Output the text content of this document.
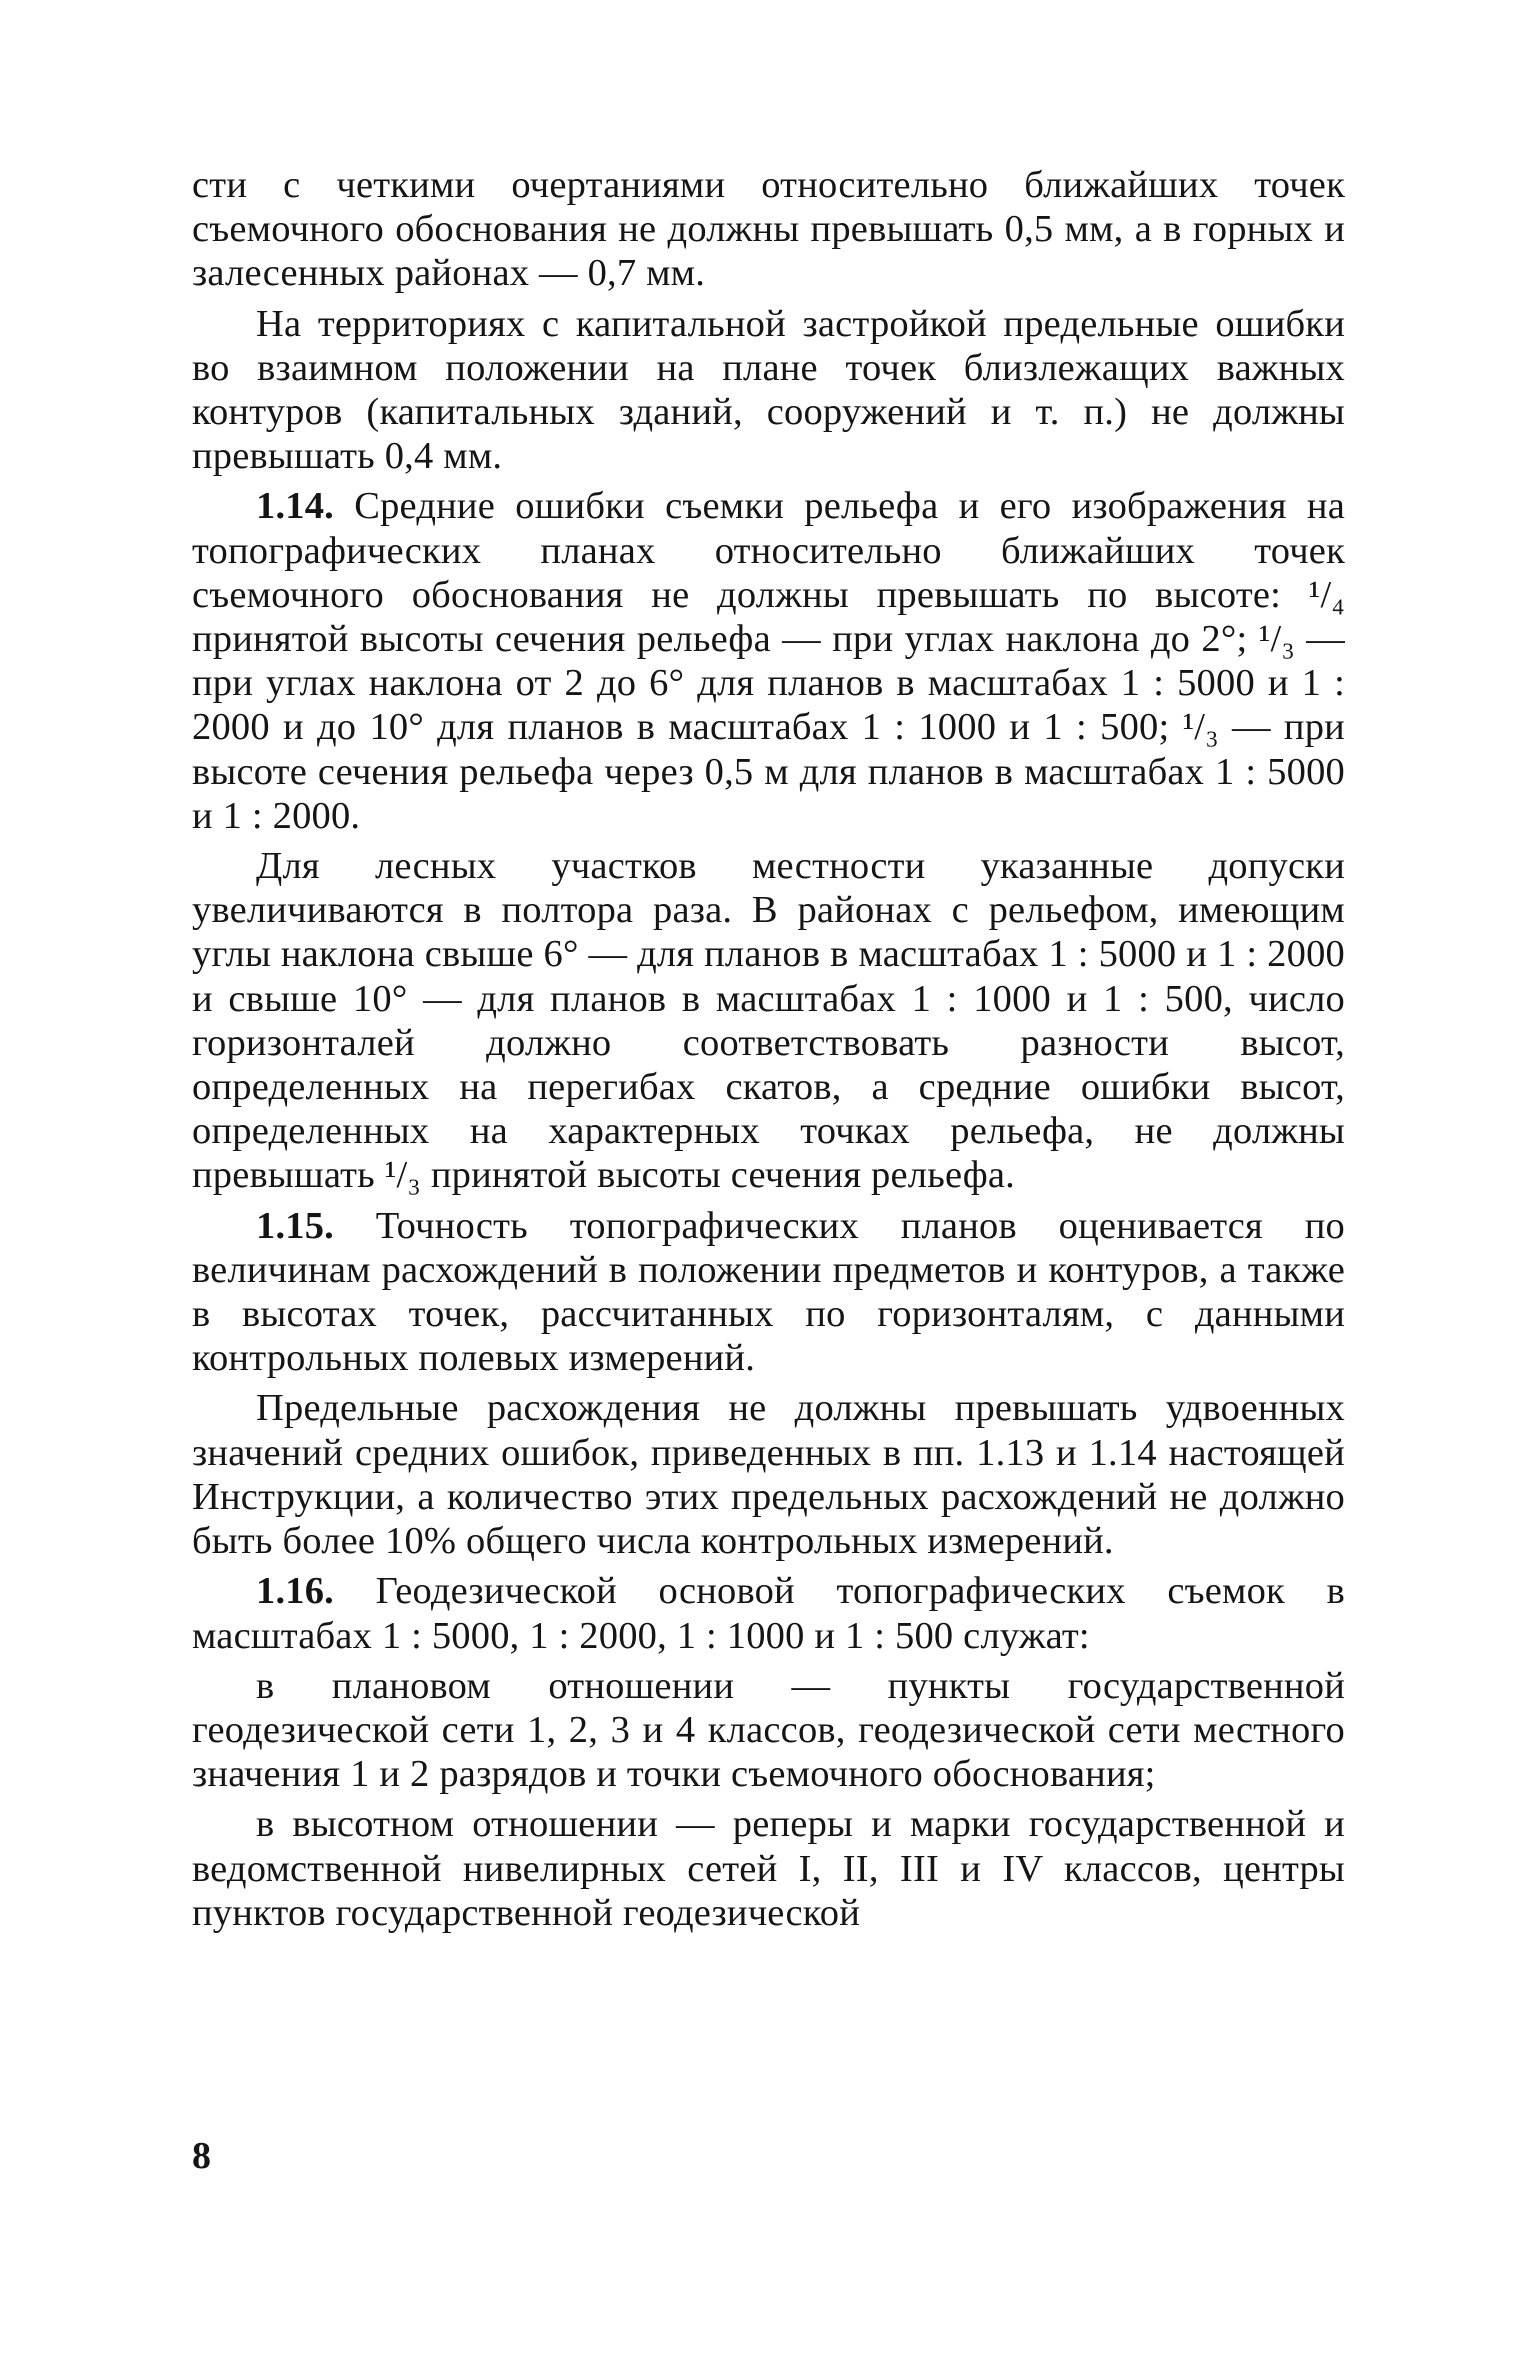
сти с четкими очертаниями относительно ближайших точек съемочного обоснования не должны превышать 0,5 мм, а в горных и залесенных районах — 0,7 мм.

На территориях с капитальной застройкой предельные ошибки во взаимном положении на плане точек близлежащих важных контуров (капитальных зданий, сооружений и т. п.) не должны превышать 0,4 мм.

1.14. Средние ошибки съемки рельефа и его изображения на топографических планах относительно ближайших точек съемочного обоснования не должны превышать по высоте: ¹/₄ принятой высоты сечения рельефа — при углах наклона до 2°; ¹/₃ — при углах наклона от 2 до 6° для планов в масштабах 1 : 5000 и 1 : 2000 и до 10° для планов в масштабах 1 : 1000 и 1 : 500; ¹/₃ — при высоте сечения рельефа через 0,5 м для планов в масштабах 1 : 5000 и 1 : 2000.

Для лесных участков местности указанные допуски увеличиваются в полтора раза. В районах с рельефом, имеющим углы наклона свыше 6° — для планов в масштабах 1 : 5000 и 1 : 2000 и свыше 10° — для планов в масштабах 1 : 1000 и 1 : 500, число горизонталей должно соответствовать разности высот, определенных на перегибах скатов, а средние ошибки высот, определенных на характерных точках рельефа, не должны превышать ¹/₃ принятой высоты сечения рельефа.

1.15. Точность топографических планов оценивается по величинам расхождений в положении предметов и контуров, а также в высотах точек, рассчитанных по горизонталям, с данными контрольных полевых измерений.

Предельные расхождения не должны превышать удвоенных значений средних ошибок, приведенных в пп. 1.13 и 1.14 настоящей Инструкции, а количество этих предельных расхождений не должно быть более 10% общего числа контрольных измерений.

1.16. Геодезической основой топографических съемок в масштабах 1 : 5000, 1 : 2000, 1 : 1000 и 1 : 500 служат:

в плановом отношении — пункты государственной геодезической сети 1, 2, 3 и 4 классов, геодезической сети местного значения 1 и 2 разрядов и точки съемочного обоснования;

в высотном отношении — реперы и марки государственной и ведомственной нивелирных сетей I, II, III и IV классов, центры пунктов государственной геодезической

8
